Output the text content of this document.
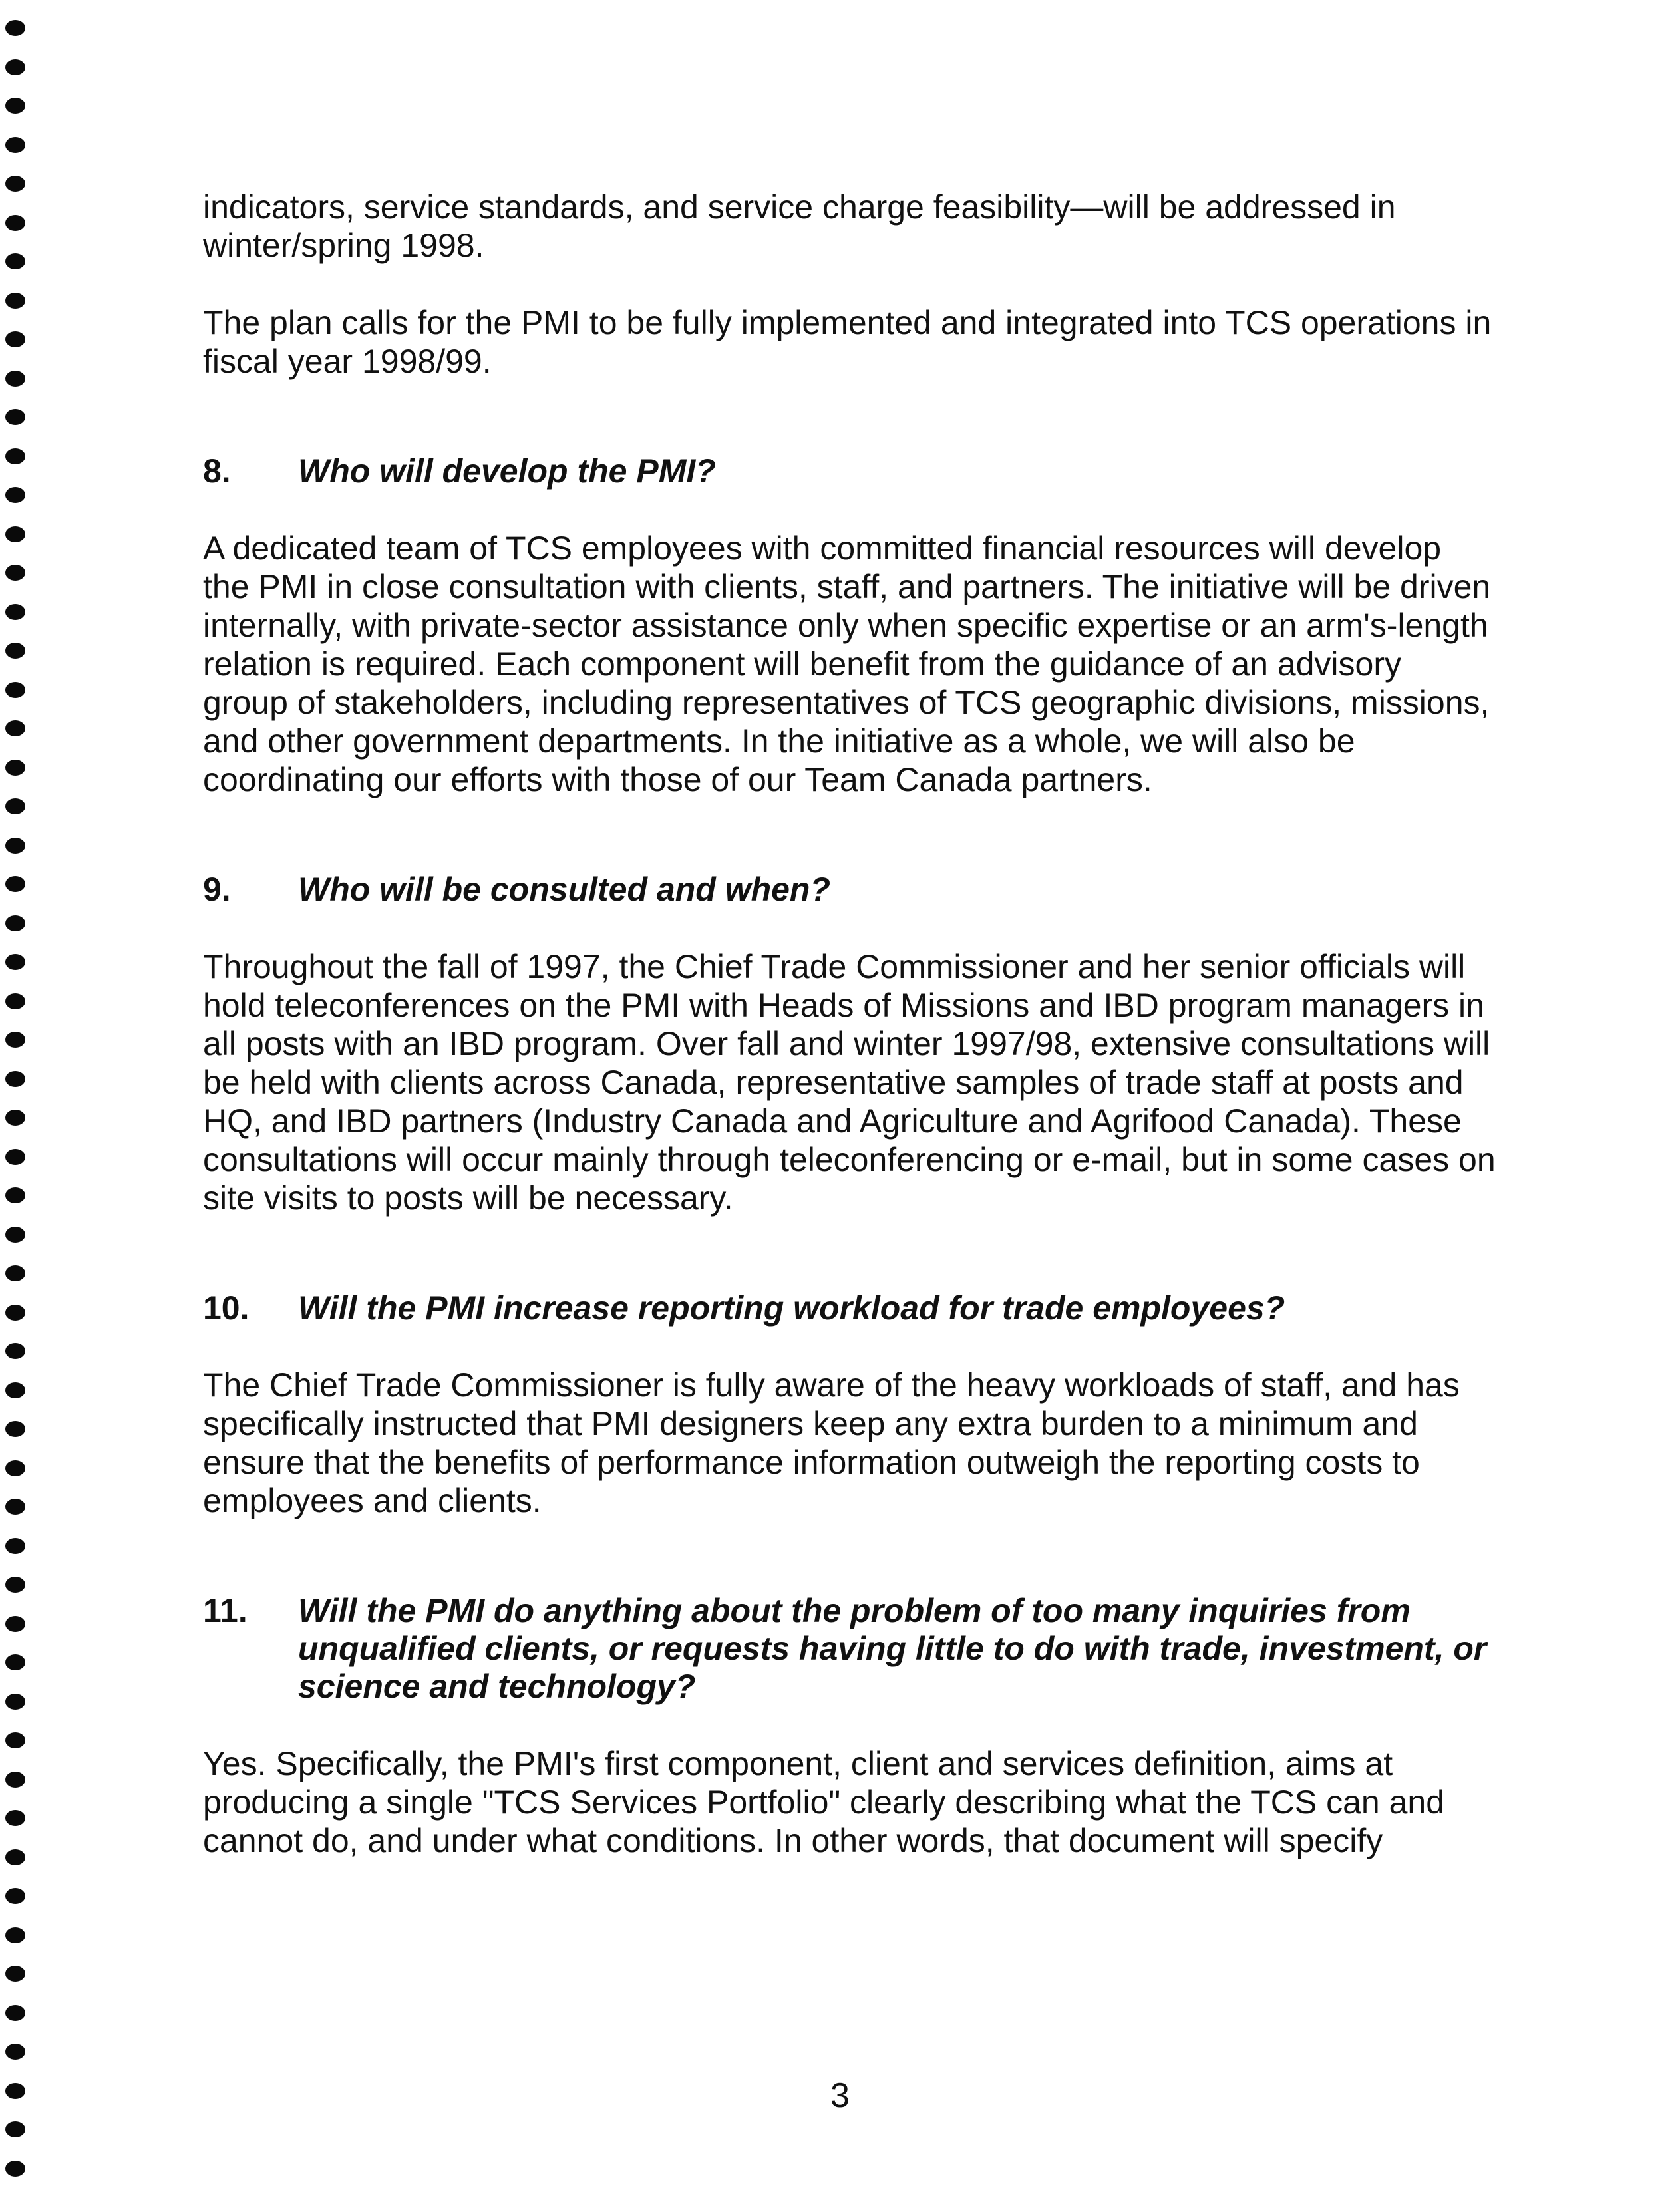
indicators, service standards, and service charge feasibility—will be addressed in winter/spring 1998.

The plan calls for the PMI to be fully implemented and integrated into TCS operations in fiscal year 1998/99.

8. Who will develop the PMI?

A dedicated team of TCS employees with committed financial resources will develop the PMI in close consultation with clients, staff, and partners. The initiative will be driven internally, with private-sector assistance only when specific expertise or an arm's-length relation is required. Each component will benefit from the guidance of an advisory group of stakeholders, including representatives of TCS geographic divisions, missions, and other government departments. In the initiative as a whole, we will also be coordinating our efforts with those of our Team Canada partners.

9. Who will be consulted and when?

Throughout the fall of 1997, the Chief Trade Commissioner and her senior officials will hold teleconferences on the PMI with Heads of Missions and IBD program managers in all posts with an IBD program. Over fall and winter 1997/98, extensive consultations will be held with clients across Canada, representative samples of trade staff at posts and HQ, and IBD partners (Industry Canada and Agriculture and Agrifood Canada). These consultations will occur mainly through teleconferencing or e-mail, but in some cases on site visits to posts will be necessary.

10. Will the PMI increase reporting workload for trade employees?

The Chief Trade Commissioner is fully aware of the heavy workloads of staff, and has specifically instructed that PMI designers keep any extra burden to a minimum and ensure that the benefits of performance information outweigh the reporting costs to employees and clients.

11. Will the PMI do anything about the problem of too many inquiries from unqualified clients, or requests having little to do with trade, investment, or science and technology?

Yes. Specifically, the PMI's first component, client and services definition, aims at producing a single "TCS Services Portfolio" clearly describing what the TCS can and cannot do, and under what conditions. In other words, that document will specify

3
